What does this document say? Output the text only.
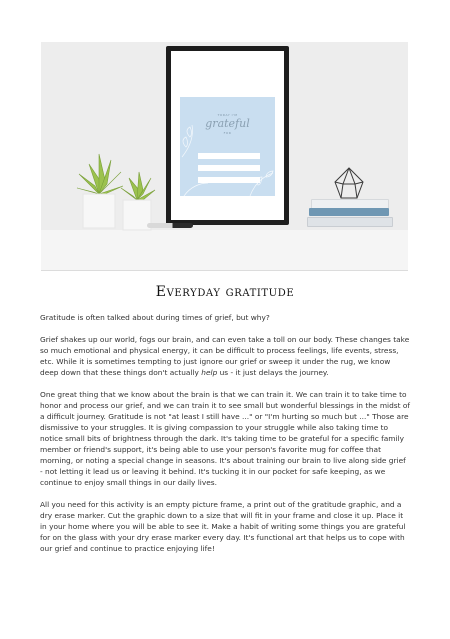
TODAY I'M
grateful
FOR
Everyday gratitude

Gratitude is often talked about during times of grief, but why?

Grief shakes up our world, fogs our brain, and can even take a toll on our body. These changes take so much emotional and physical energy, it can be difficult to process feelings, life events, stress, etc. While it is sometimes tempting to just ignore our grief or sweep it under the rug, we know deep down that these things don't actually help us - it just delays the journey.

One great thing that we know about the brain is that we can train it. We can train it to take time to honor and process our grief, and we can train it to see small but wonderful blessings in the midst of a difficult journey. Gratitude is not "at least I still have ..." or "I'm hurting so much but ..." Those are dismissive to your struggles. It is giving compassion to your struggle while also taking time to notice small bits of brightness through the dark. It's taking time to be grateful for a specific family member or friend's support, it's being able to use your person's favorite mug for coffee that morning, or noting a special change in seasons. It's about training our brain to live along side grief - not letting it lead us or leaving it behind. It's tucking it in our pocket for safe keeping, as we continue to enjoy small things in our daily lives.

All you need for this activity is an empty picture frame, a print out of the gratitude graphic, and a dry erase marker. Cut the graphic down to a size that will fit in your frame and close it up. Place it in your home where you will be able to see it. Make a habit of writing some things you are grateful for on the glass with your dry erase marker every day. It's functional art that helps us to cope with our grief and continue to practice enjoying life!
